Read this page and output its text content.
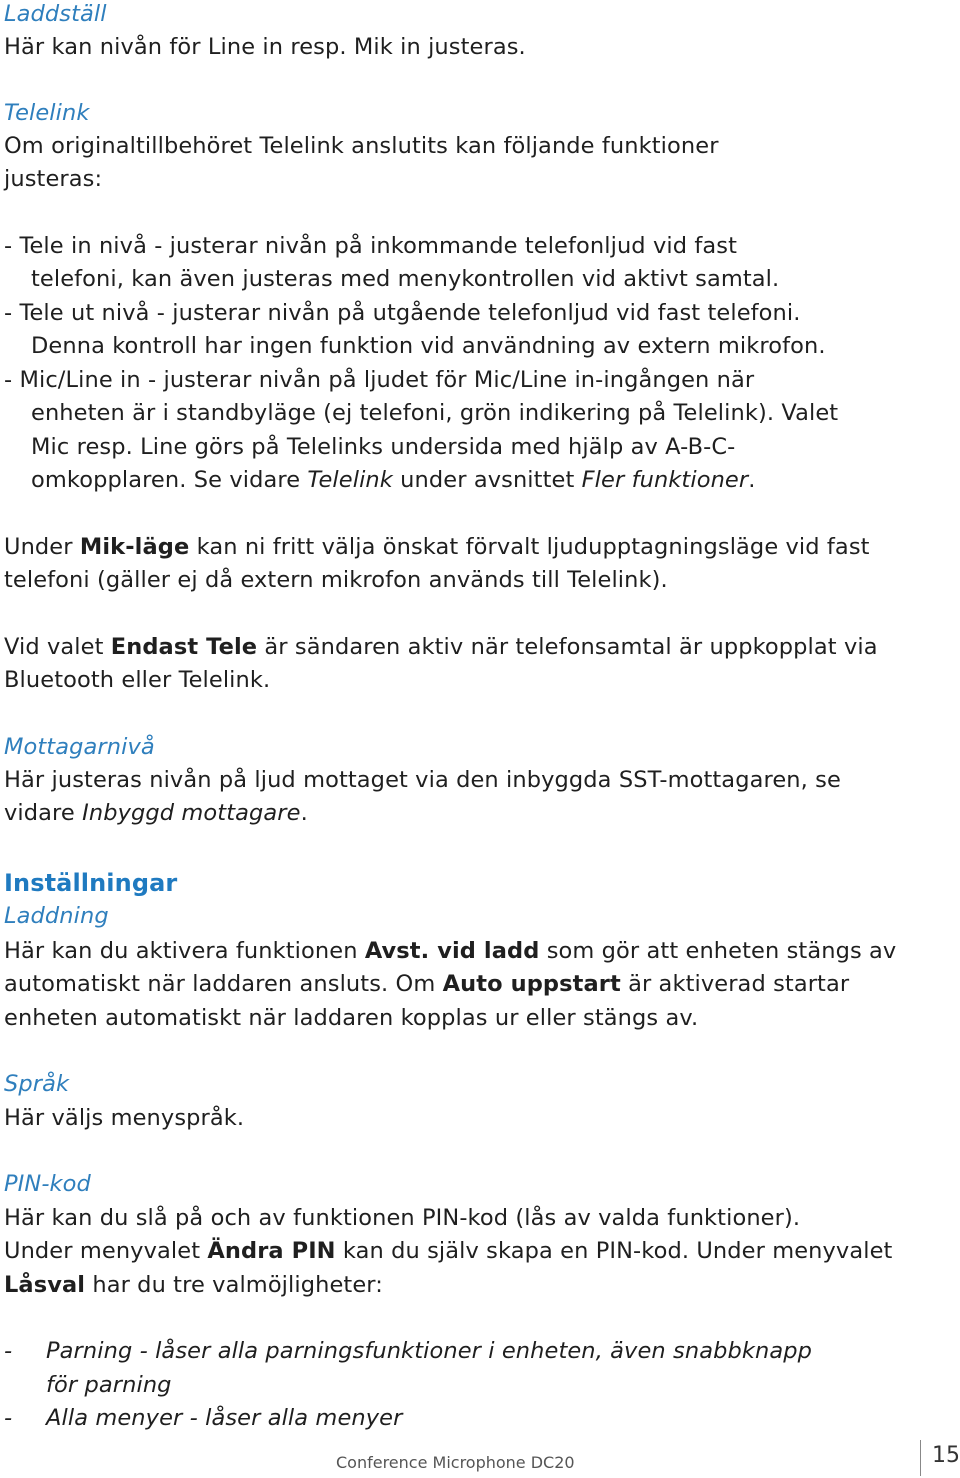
Laddställ
Här kan nivån för Line in resp. Mik in justeras.
Telelink
Om originaltillbehöret Telelink anslutits kan följande funktioner
justeras:
- Tele in nivå - justerar nivån på inkommande telefonljud vid fast
telefoni, kan även justeras med menykontrollen vid aktivt samtal.
- Tele ut nivå - justerar nivån på utgående telefonljud vid fast telefoni.
Denna kontroll har ingen funktion vid användning av extern mikrofon.
- Mic/Line in - justerar nivån på ljudet för Mic/Line in-ingången när
enheten är i standbyläge (ej telefoni, grön indikering på Telelink). Valet
Mic resp. Line görs på Telelinks undersida med hjälp av A-B-C-
omkopplaren. Se vidare Telelink under avsnittet Fler funktioner.
Under Mik-läge kan ni fritt välja önskat förvalt ljudupptagningsläge vid fast
telefoni (gäller ej då extern mikrofon används till Telelink).
Vid valet Endast Tele är sändaren aktiv när telefonsamtal är uppkopplat via
Bluetooth eller Telelink.
Mottagarnivå
Här justeras nivån på ljud mottaget via den inbyggda SST-mottagaren, se
vidare Inbyggd mottagare.
Inställningar
Laddning
Här kan du aktivera funktionen Avst. vid ladd som gör att enheten stängs av
automatiskt när laddaren ansluts. Om Auto uppstart är aktiverad startar
enheten automatiskt när laddaren kopplas ur eller stängs av.
Språk
Här väljs menyspråk.
PIN-kod
Här kan du slå på och av funktionen PIN-kod (lås av valda funktioner).
Under menyvalet Ändra PIN kan du själv skapa en PIN-kod. Under menyvalet
Låsval har du tre valmöjligheter:
- Parning - låser alla parningsfunktioner i enheten, även snabbknapp
för parning
- Alla menyer - låser alla menyer
Conference Microphone DC20	15
